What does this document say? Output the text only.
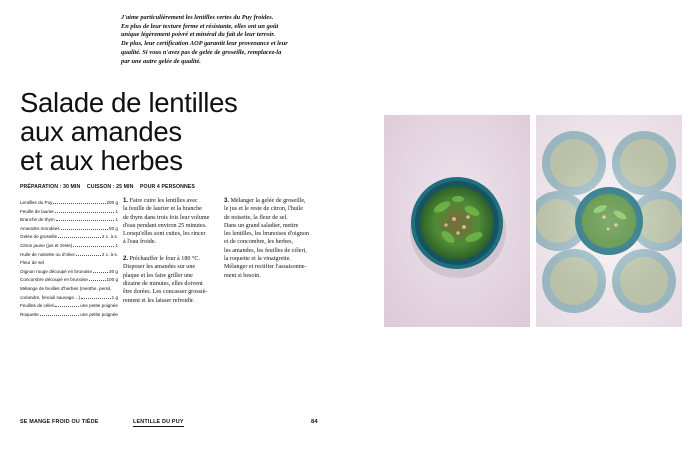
J'aime particulièrement les lentilles vertes du Puy froides.
En plus de leur texture ferme et résistante, elles ont un goût
unique légèrement poivré et minéral du fait de leur terroir.
De plus, leur certification AOP garantit leur provenance et leur
qualité. Si vous n'avez pas de gelée de groseille, remplacez-la
par une autre gelée de qualité.
Salade de lentilles
aux amandes
et aux herbes
PRÉPARATION : 30 MIN CUISSON : 25 MIN POUR 4 PERSONNES
Lentilles du Puy	200 g
Feuille de laurier	1
Branche de thym	1
Amandes mondées	50 g
Gelée de groseille	2 c. à s.
Citron jaune (jus et zeste)	1
Huile de noisette ou d'olive	2 c. à s.
Fleur de sel
Oignon rouge découpé en brunoise	30 g
Concombre découpé en brunoise	100 g
Mélange de feuilles d'herbes (menthe, persil,
coriandre, fenouil sauvage…)	1 g
Feuilles de céleri	une petite poignée
Roquette	une petite poignée
1. Faire cuire les lentilles avec
la feuille de laurier et la branche
de thym dans trois fois leur volume
d'eau pendant environ 25 minutes.
Lorsqu'elles sont cuites, les rincer
à l'eau froide.

2. Préchauffer le four à 180 °C.
Disposer les amandes sur une
plaque et les faire griller une
dizaine de minutes, elles doivent
être dorées. Les concasser grossiè-
rement et les laisser refroidir.
3. Mélanger la gelée de groseille,
le jus et le reste de citron, l'huile
de noisette, la fleur de sel.
Dans un grand saladier, mettre
les lentilles, les brunoises d'oignon
et de concombre, les herbes,
les amandes, les feuilles de céleri,
la roquette et la vinaigrette.
Mélanger et rectifier l'assaisonne-
ment si besoin.
SE MANGE FROID OU TIÈDE	LENTILLE DU PUY	84
